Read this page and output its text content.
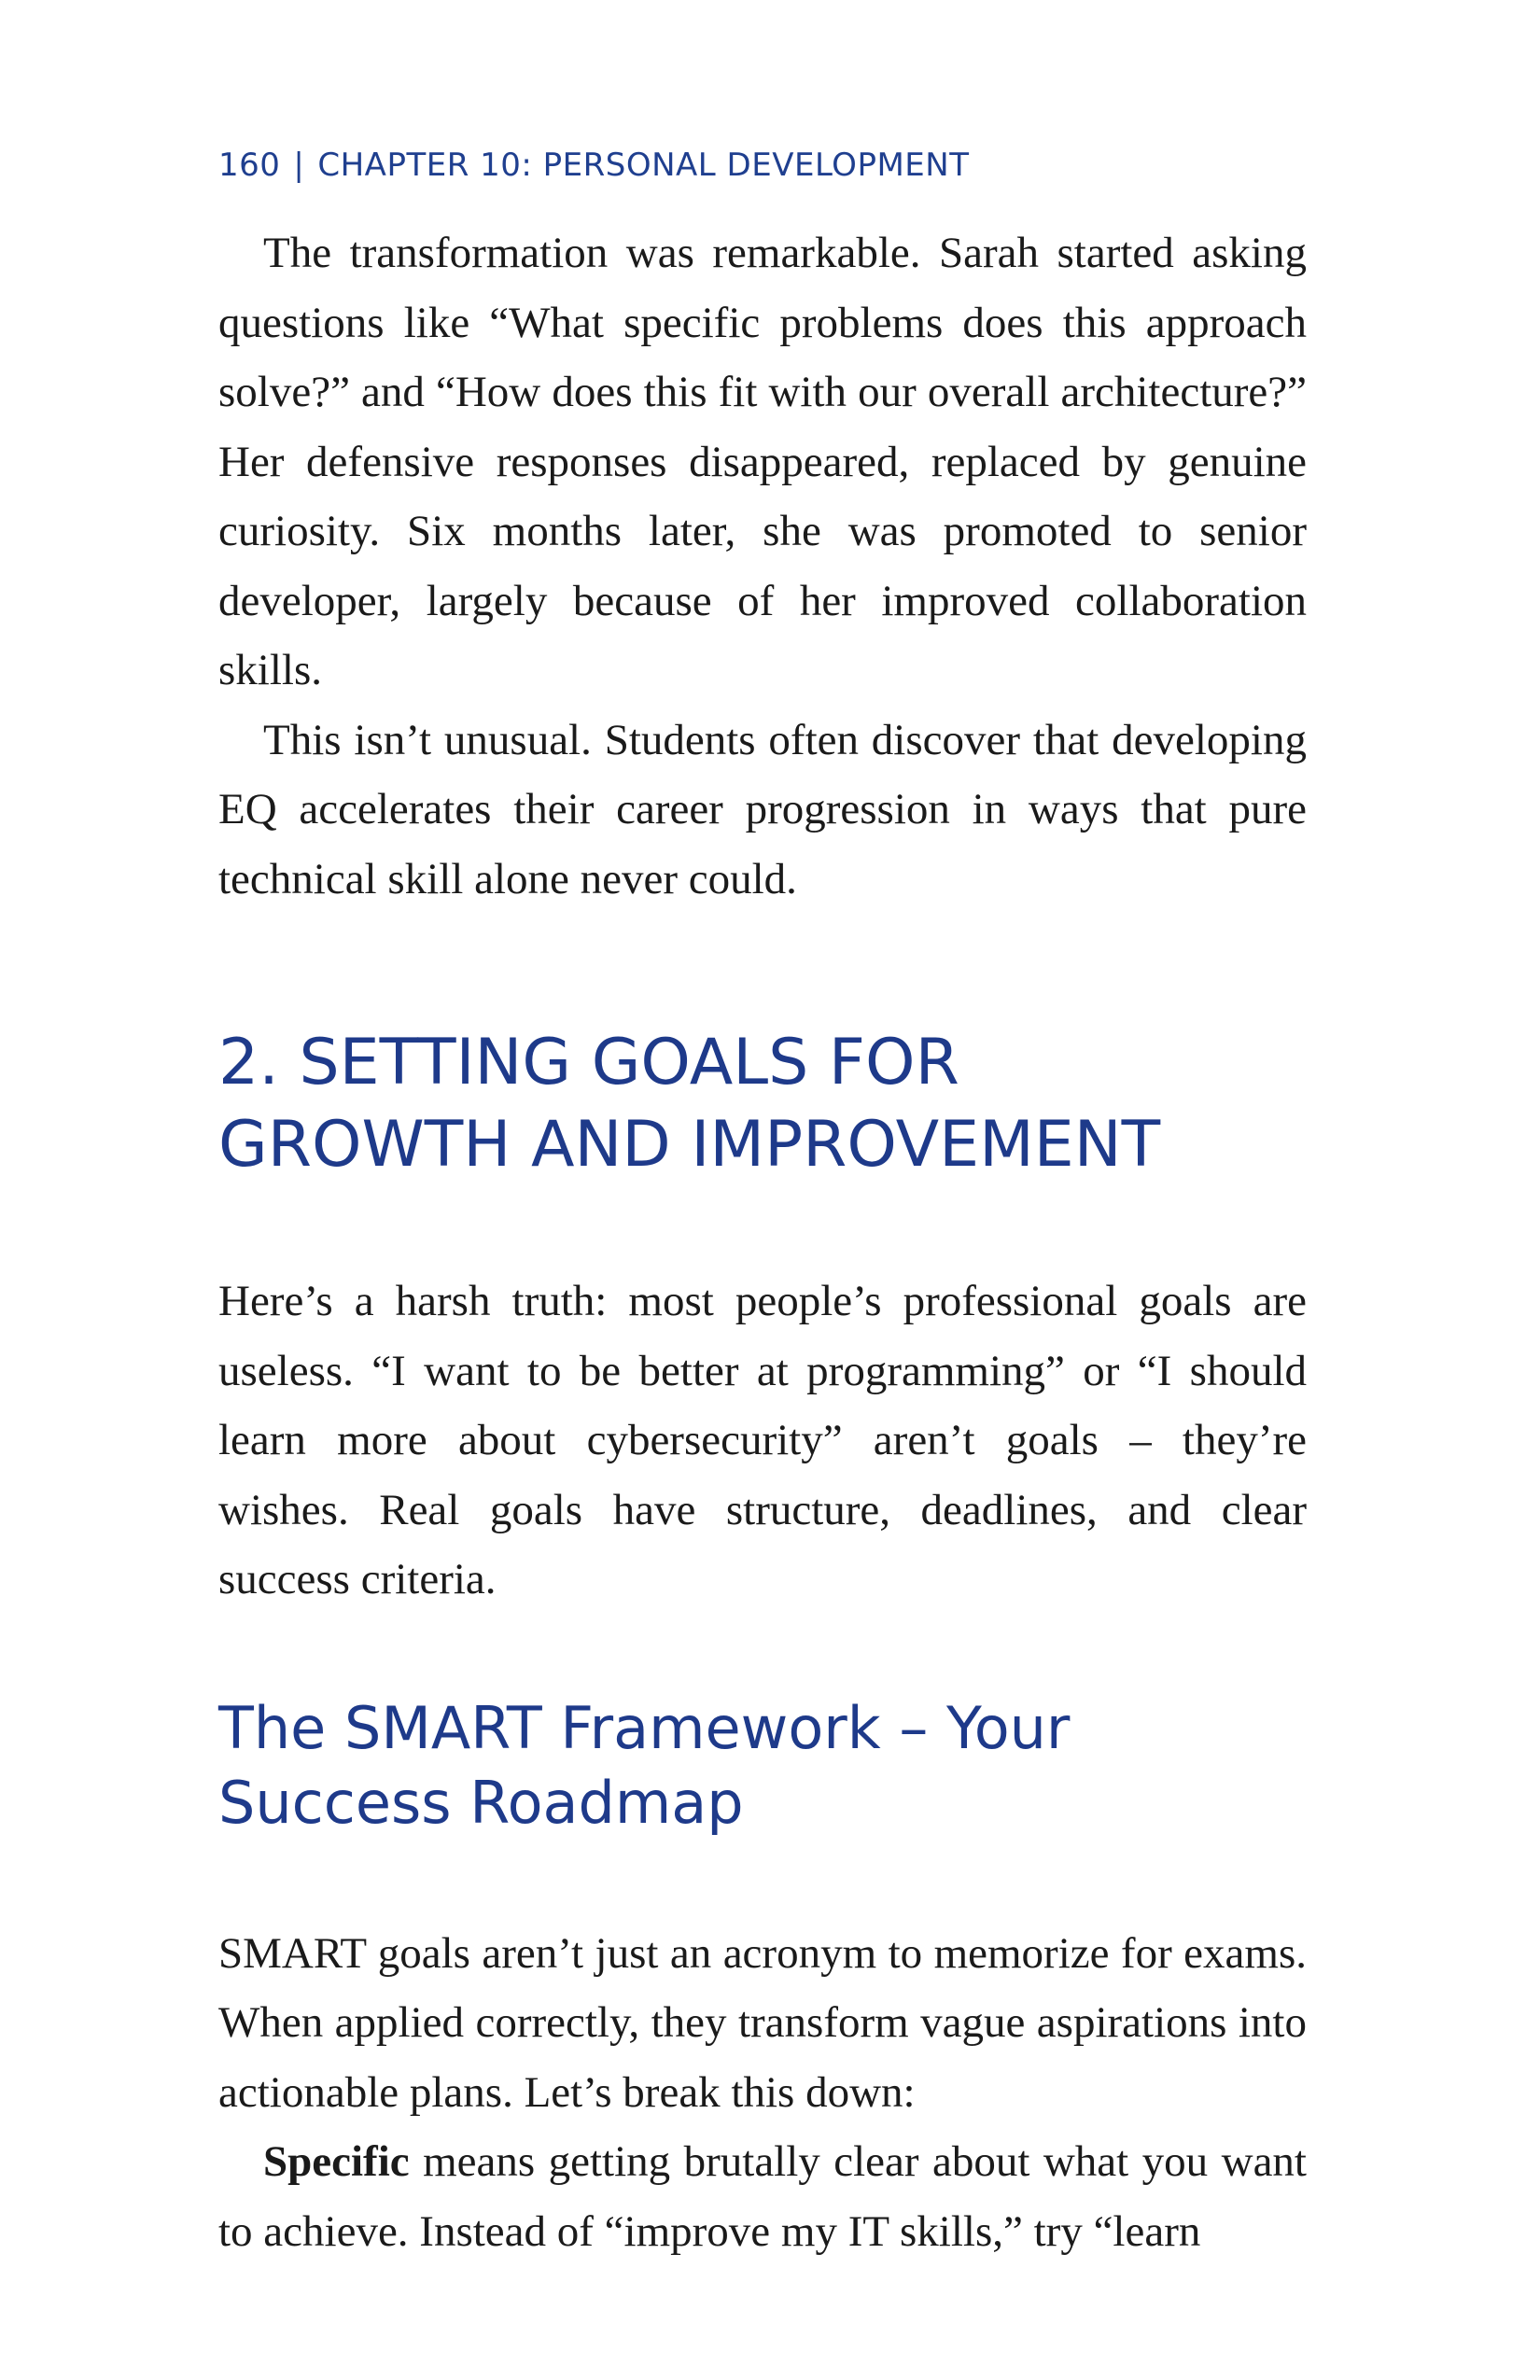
160 | CHAPTER 10: PERSONAL DEVELOPMENT

The transformation was remarkable. Sarah started asking questions like “What specific problems does this approach solve?” and “How does this fit with our overall architecture?” Her defensive responses disappeared, replaced by genuine curiosity. Six months later, she was promoted to senior developer, largely because of her improved collaboration skills.

This isn’t unusual. Students often discover that developing EQ accelerates their career progression in ways that pure technical skill alone never could.

2. SETTING GOALS FOR
GROWTH AND IMPROVEMENT

Here’s a harsh truth: most people’s professional goals are useless. “I want to be better at programming” or “I should learn more about cybersecurity” aren’t goals – they’re wishes. Real goals have structure, deadlines, and clear success criteria.

The SMART Framework – Your
Success Roadmap

SMART goals aren’t just an acronym to memorize for exams. When applied correctly, they transform vague aspirations into actionable plans. Let’s break this down:

Specific means getting brutally clear about what you want to achieve. Instead of “improve my IT skills,” try “learn
